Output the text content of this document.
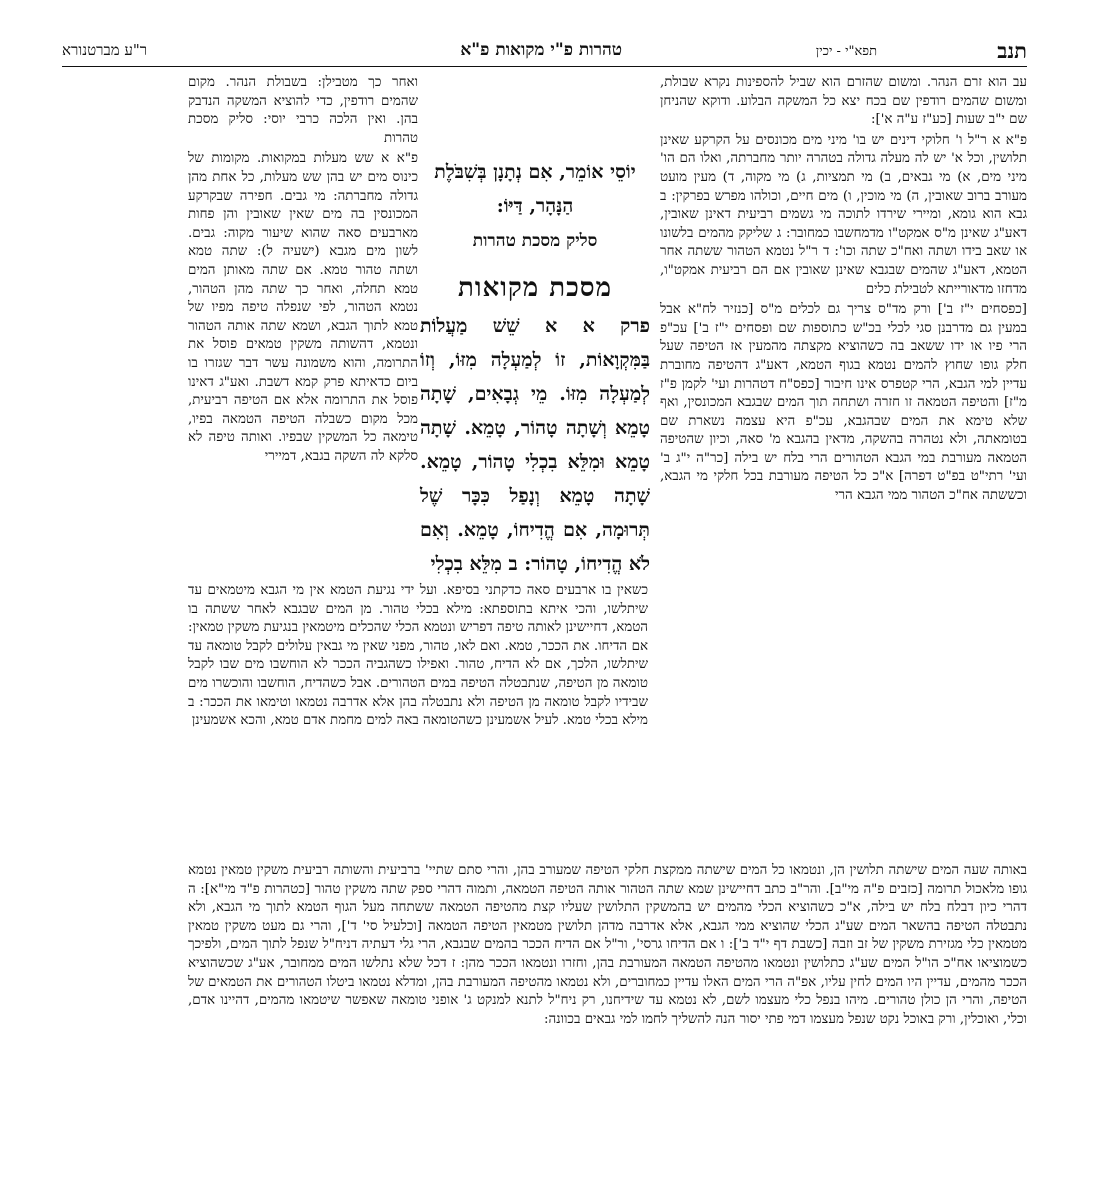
תנב
תפא"י - יכין
טהרות פ"י מקואות פ"א
ר"ע מברטנורא

עב הוא זרם הנהר. ומשום שהזרם הוא שביל להספינות נקרא שבולת, ומשום שהמים רודפין שם בכח יצא כל המשקה הבלוע. ודוקא שהניחן שם י"ב שעות [כע"ז ע"ה א']:

פ"א א ר"ל ו' חלוקי דינים יש בו' מיני מים מכונסים על הקרקע שאינן תלושין, וכל א' יש לה מעלה גדולה בטהרה יותר מחברתה, ואלו הם הו' מיני מים, א) מי גבאים, ב) מי תמציות, ג) מי מקוה, ד) מעין מועט מעורב ברוב שאובין, ה) מי מוכין, ו) מים חיים, וכולהו מפרש בפרקין: ב גבא הוא גומא, ומיירי שירדו לתוכה מי גשמים רביעית דאינן שאובין, דאע"ג שאינן מ"ס אמקט"ו מדמחשבו כמחובר: ג שליקק מהמים בלשונו או שאב בידו ושתה ואח"כ שתה וכו': ד ר"ל נטמא הטהור ששתה אחר הטמא, דאע"ג שהמים שבגבא שאינן שאובין אם הם רביעית אמקט"ו, מדחזו מדאורייתא לטבילת כלים

[כפסחים י"ז ב'] ורק מד"ס צריך גם לכלים מ"ס [כנזיר לח"א אבל במעין גם מדרבנן סגי לכלי בכ"ש כתוספות שם ופסחים י"ז ב'] עכ"פ הרי פיו או ידו ששאב בה כשהוציא מקצתה מהמעין אז הטיפה שעל חלק גופו שחוץ להמים נטמא בגוף הטמא, דאע"ג דהטיפה מחוברת עדיין למי הגבא, הרי קטפרס אינו חיבור [כפס"ח דטהרות ועי' לקמן פ"ז מ"ז] והטיפה הטמאה זו חזרה ושתחה תוך המים שבגבא המכונסין, ואף שלא טימא את המים שבהגבא, עכ"פ היא עצמה נשארת שם בטומאתה, ולא נטהרה בהשקה, מדאין בהגבא מ' סאה, וכיון שהטיפה הטמאה מעורבת במי הגבא הטהורים הרי בלח יש בילה [כר"ה י"ג ב' ועי' רתי"ט בפ"ט דפרה] א"כ כל הטיפה מעורבת בכל חלקי מי הגבא, וכששתה אח"כ הטהור ממי הגבא הרי

ואחר כך מטבילן: בשבולת הנהר. מקום שהמים רודפין, כדי להוציא המשקה הנדבק בהן. ואין הלכה כרבי יוסי: סליק מסכת טהרות

פ"א א שש מעלות במקואות. מקומות של כינוס מים יש בהן שש מעלות, כל אחת מהן גדולה מחברתה: מי גבים. חפירה שבקרקע המכונסין בה מים שאין שאובין והן פחות מארבעים סאה שהוא שיעור מקוה: גבים. לשון מים מגבא (ישעיה ל): שתה טמא ושתה טהור טמא. אם שתה מאותן המים טמא תחלה, ואחר כך שתה מהן הטהור, נטמא הטהור, לפי שנפלה טיפה מפיו של טמא לתוך הגבא, ושמא שתה אותה הטהור ונטמא, דהשותה משקין טמאים פוסל את התרומה, והוא משמונה עשר דבר שגזרו בו ביום כדאיתא פרק קמא דשבת. ואע"ג דאינו פוסל את התרומה אלא אם הטיפה רביעית, מכל מקום כשבלה הטיפה הטמאה בפיו, טימאה כל המשקין שבפיו. ואותה טיפה לא סלקא לה השקה בגבא, דמיירי

יוֹסֵי אוֹמֵר, אִם נְתָנָן בְּשִׁבֹּלֶת
הַנָּהָר, דַּיּוֹ:
סליק מסכת טהרות
מסכת מקואות
פרק א א שֵׁשׁ מַעֲלוֹת בַּמִּקְוָאוֹת, זוֹ לְמַעְלָה מִזּוֹ, וְזוֹ לְמַעְלָה מִזּוֹ. מֵי גְבָאִים, שָׁתָה טָמֵא וְשָׁתָה טָהוֹר, טָמֵא. שָׁתָה טָמֵא וּמִלֵּא בִכְלִי טָהוֹר, טָמֵא. שָׁתָה טָמֵא וְנָפַל כִּכָּר שֶׁל תְּרוּמָה, אִם הֱדִיחוֹ, טָמֵא. וְאִם לֹא הֱדִיחוֹ, טָהוֹר: ב מִלֵּא בִכְלִי
כשאין בו ארבעים סאה כדקתני בסיפא. ועל ידי נגיעת הטמא אין מי הגבא מיטמאים עד שיתלשו, והכי איתא בתוספתא: מילא בכלי טהור. מן המים שבגבא לאחר ששתה בו הטמא, דחיישינן לאותה טיפה דפריש ונטמא הכלי שהכלים מיטמאין בנגיעת משקין טמאין: אם הדיחו. את הככר, טמא. ואם לאו, טהור, מפני שאין מי גבאין עלולים לקבל טומאה עד שיתלשו, הלכך, אם לא הדיח, טהור. ואפילו כשהגביה הככר לא הוחשבו מים שבו לקבל טומאה מן הטיפה, שנתבטלה הטיפה במים הטהורים. אבל כשהדיח, הוחשבו והוכשרו מים שבידיו לקבל טומאה מן הטיפה ולא נתבטלה בהן אלא אדרבה נטמאו וטימאו את הככר: ב מילא בכלי טמא. לעיל אשמעינן כשהטומאה באה למים מחמת אדם טמא, והכא אשמעינן
באותה שעה המים שישתה תלושין הן, ונטמאו כל המים שישתה ממקצת חלקי הטיפה שמעורב בהן, והרי סתם שתיי' ברביעית והשותה רביעית משקין טמאין נטמא גופו מלאכול תרומה [כזבים פ"ה מי"ב]. והר"ב כתב דחיישינן שמא שתה הטהור אותה הטיפה הטמאה, ותמוה דהרי ספק שתה משקין טהור [כטהרות פ"ד מי"א]: ה דהרי כיון דבלח בלח יש בילה, א"כ כשהוציא הכלי מהמים יש בהמשקין התלושין שעליו קצת מהטיפה הטמאה ששתחה מעל הגוף הטמא לתוך מי הגבא, ולא נתבטלה הטיפה בהשאר המים שע"ג הכלי שהוציא ממי הגבא, אלא אדרבה מדהן תלושין מטמאין הטיפה הטמאה [וכלעיל סי' ד'], והרי גם מעט משקין טמאין מטמאין כלי מגזירת משקין של זב וזבה [כשבת דף י"ד ב']: ו אם הדיחו גרסי', ור"ל אם הדיח הככר בהמים שבגבא, הרי גלי דעתיה דניח"ל שנפל לתוך המים, ולפיכך כשמוציאו אח"כ הו"ל המים שע"ג כתלושין ונטמאו מהטיפה הטמאה המעורבת בהן, וחזרו ונטמאו הככר מהן: ז דכל שלא נתלשו המים ממחובר, אע"ג שכשהוציא הככר מהמים, עדיין היו המים לחין עליו, אפ"ה הרי המים האלו עדיין כמחוברים, ולא נטמאו מהטיפה המעורבת בהן, ומדלא נטמאו ביטלו הטהורים את הטמאים של הטיפה, והרי הן כולן טהורים. מיהו בנפל כלי מעצמו לשם, לא נטמא עד שידיחנו, רק ניח"ל לתנא למנקט ג' אופני טומאה שאפשר שיטמאו מהמים, דהיינו אדם, וכלי, ואוכלין, ורק באוכל נקט שנפל מעצמו דמי פתי יסור הנה להשליך לחמו למי גבאים בכוונה:
